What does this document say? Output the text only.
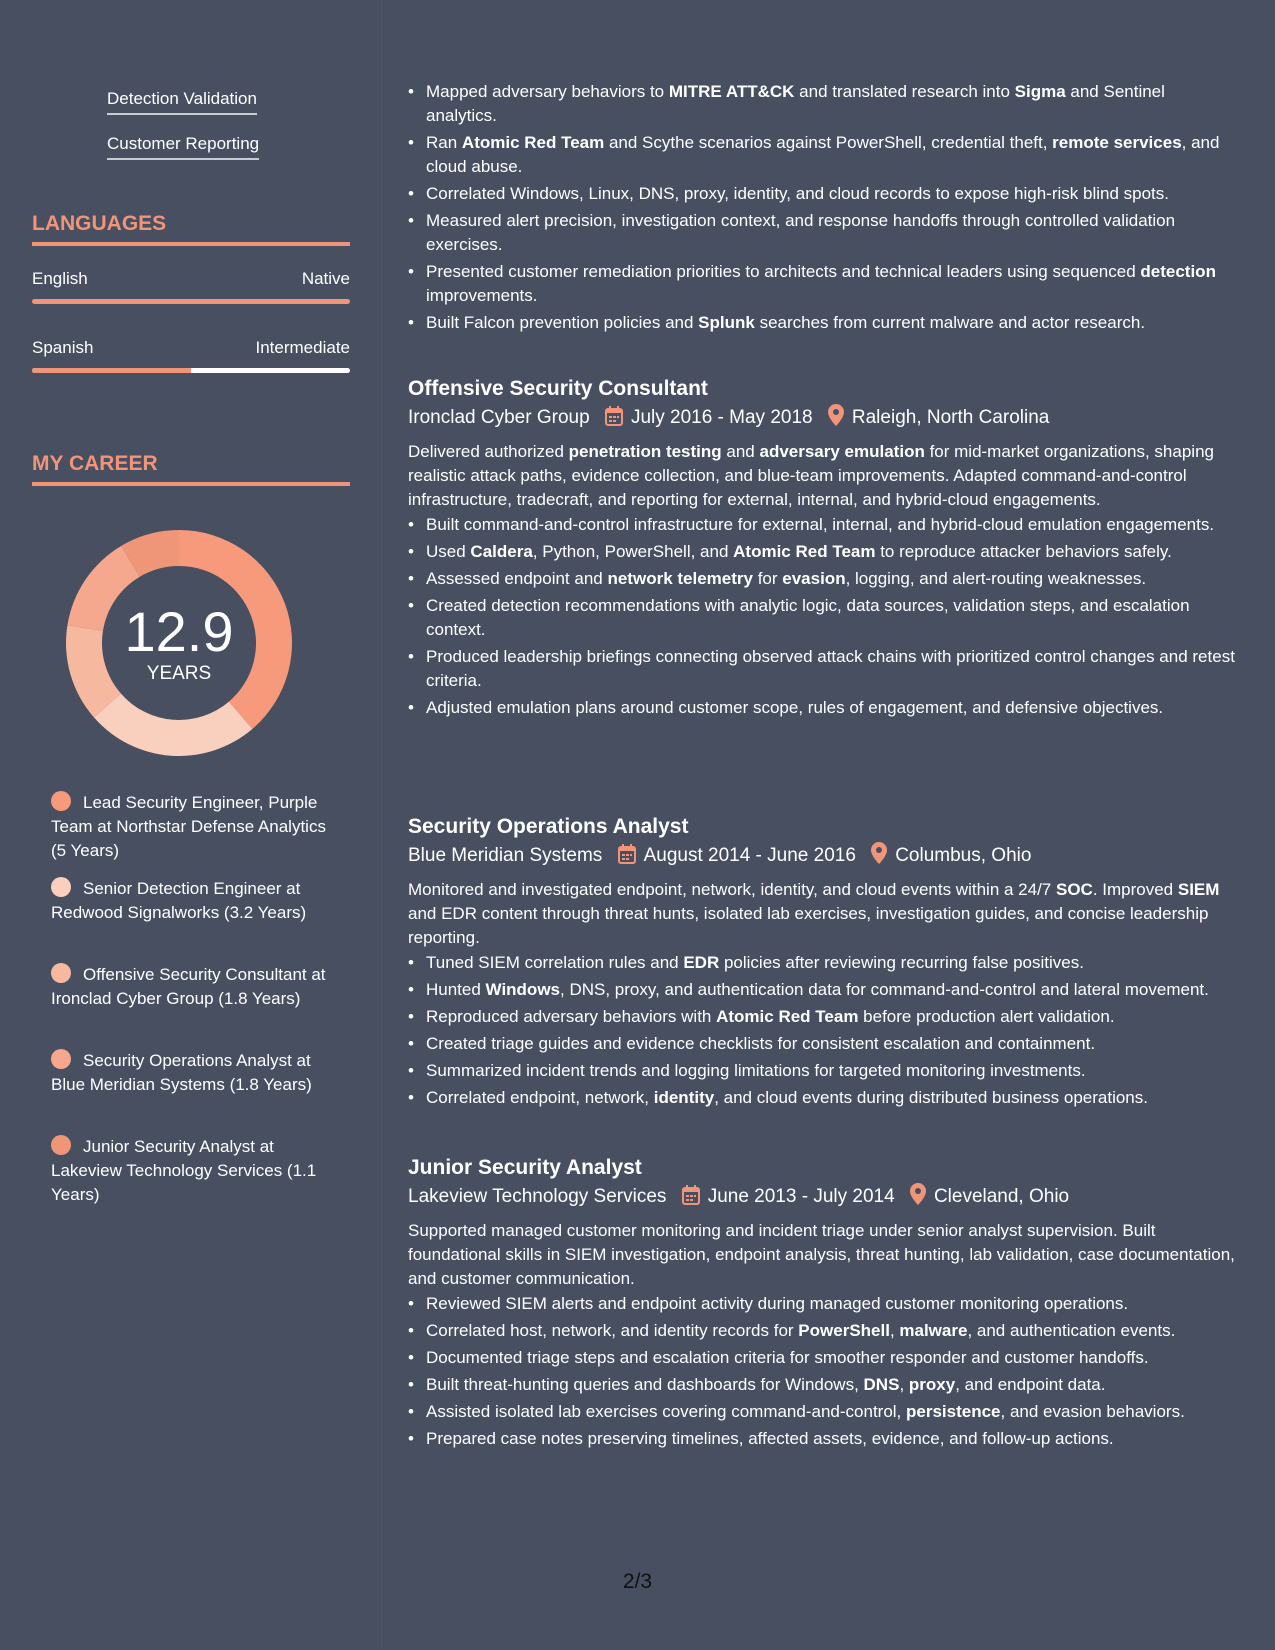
Detection Validation
Customer Reporting
LANGUAGES
English	Native
Spanish	Intermediate
MY CAREER
12.9
YEARS
Lead Security Engineer, Purple Team at Northstar Defense Analytics (5 Years)
Senior Detection Engineer at Redwood Signalworks (3.2 Years)
Offensive Security Consultant at Ironclad Cyber Group (1.8 Years)
Security Operations Analyst at Blue Meridian Systems (1.8 Years)
Junior Security Analyst at Lakeview Technology Services (1.1 Years)
• Mapped adversary behaviors to MITRE ATT&CK and translated research into Sigma and Sentinel analytics.
• Ran Atomic Red Team and Scythe scenarios against PowerShell, credential theft, remote services, and cloud abuse.
• Correlated Windows, Linux, DNS, proxy, identity, and cloud records to expose high-risk blind spots.
• Measured alert precision, investigation context, and response handoffs through controlled validation exercises.
• Presented customer remediation priorities to architects and technical leaders using sequenced detection improvements.
• Built Falcon prevention policies and Splunk searches from current malware and actor research.
Offensive Security Consultant
Ironclad Cyber Group July 2016 - May 2018 Raleigh, North Carolina
Delivered authorized penetration testing and adversary emulation for mid-market organizations, shaping realistic attack paths, evidence collection, and blue-team improvements. Adapted command-and-control infrastructure, tradecraft, and reporting for external, internal, and hybrid-cloud engagements.
• Built command-and-control infrastructure for external, internal, and hybrid-cloud emulation engagements.
• Used Caldera, Python, PowerShell, and Atomic Red Team to reproduce attacker behaviors safely.
• Assessed endpoint and network telemetry for evasion, logging, and alert-routing weaknesses.
• Created detection recommendations with analytic logic, data sources, validation steps, and escalation context.
• Produced leadership briefings connecting observed attack chains with prioritized control changes and retest criteria.
• Adjusted emulation plans around customer scope, rules of engagement, and defensive objectives.
Security Operations Analyst
Blue Meridian Systems August 2014 - June 2016 Columbus, Ohio
Monitored and investigated endpoint, network, identity, and cloud events within a 24/7 SOC. Improved SIEM and EDR content through threat hunts, isolated lab exercises, investigation guides, and concise leadership reporting.
• Tuned SIEM correlation rules and EDR policies after reviewing recurring false positives.
• Hunted Windows, DNS, proxy, and authentication data for command-and-control and lateral movement.
• Reproduced adversary behaviors with Atomic Red Team before production alert validation.
• Created triage guides and evidence checklists for consistent escalation and containment.
• Summarized incident trends and logging limitations for targeted monitoring investments.
• Correlated endpoint, network, identity, and cloud events during distributed business operations.
Junior Security Analyst
Lakeview Technology Services June 2013 - July 2014 Cleveland, Ohio
Supported managed customer monitoring and incident triage under senior analyst supervision. Built foundational skills in SIEM investigation, endpoint analysis, threat hunting, lab validation, case documentation, and customer communication.
• Reviewed SIEM alerts and endpoint activity during managed customer monitoring operations.
• Correlated host, network, and identity records for PowerShell, malware, and authentication events.
• Documented triage steps and escalation criteria for smoother responder and customer handoffs.
• Built threat-hunting queries and dashboards for Windows, DNS, proxy, and endpoint data.
• Assisted isolated lab exercises covering command-and-control, persistence, and evasion behaviors.
• Prepared case notes preserving timelines, affected assets, evidence, and follow-up actions.
2/3
